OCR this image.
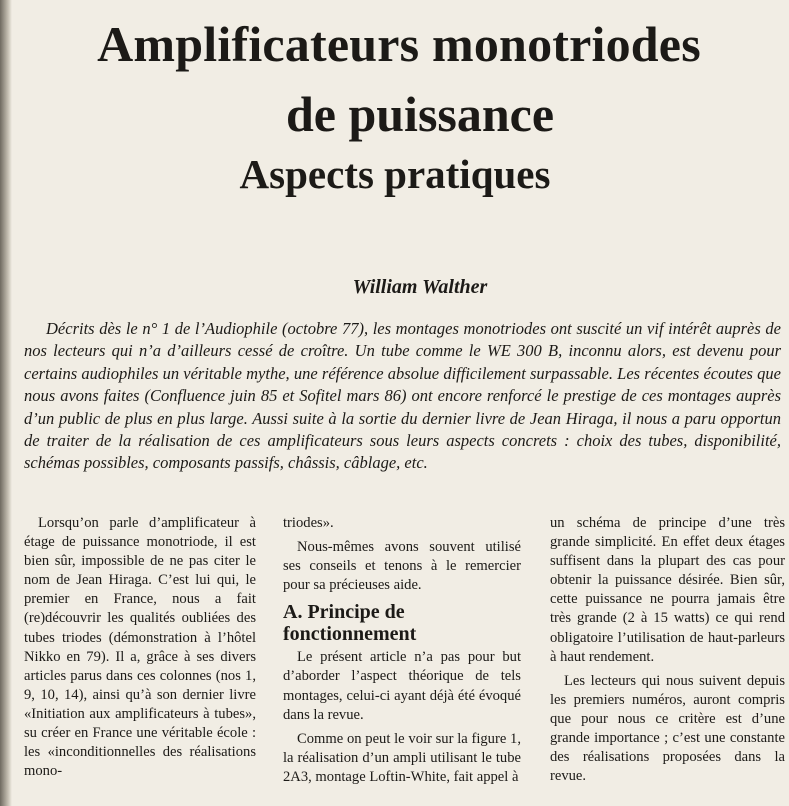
Amplificateurs monotriodes
de puissance
Aspects pratiques
William Walther

Décrits dès le n° 1 de l’Audiophile (octobre 77), les montages monotriodes ont suscité un vif intérêt auprès de nos lecteurs qui n’a d’ailleurs cessé de croître. Un tube comme le WE 300 B, inconnu alors, est devenu pour certains audiophiles un véritable mythe, une référence absolue difficilement surpassable. Les récentes écoutes que nous avons faites (Confluence juin 85 et Sofitel mars 86) ont encore renforcé le prestige de ces montages auprès d’un public de plus en plus large. Aussi suite à la sortie du dernier livre de Jean Hiraga, il nous a paru opportun de traiter de la réalisation de ces amplificateurs sous leurs aspects concrets : choix des tubes, disponibilité, schémas possibles, composants passifs, châssis, câblage, etc.

Lorsqu’on parle d’amplificateur à étage de puissance monotriode, il est bien sûr, impossible de ne pas citer le nom de Jean Hiraga. C’est lui qui, le premier en France, nous a fait (re)découvrir les qualités oubliées des tubes triodes (démonstration à l’hôtel Nikko en 79). Il a, grâce à ses divers articles parus dans ces colonnes (nos 1, 9, 10, 14), ainsi qu’à son dernier livre «Initiation aux amplificateurs à tubes», su créer en France une véritable école : les «inconditionnelles des réalisations mono-

triodes».

Nous-mêmes avons souvent utilisé ses conseils et tenons à le remercier pour sa précieuses aide.

A. Principe de fonctionnement

Le présent article n’a pas pour but d’aborder l’aspect théorique de tels montages, celui-ci ayant déjà été évoqué dans la revue.

Comme on peut le voir sur la figure 1, la réalisation d’un ampli utilisant le tube 2A3, montage Loftin-White, fait appel à

un schéma de principe d’une très grande simplicité. En effet deux étages suffisent dans la plupart des cas pour obtenir la puissance désirée. Bien sûr, cette puissance ne pourra jamais être très grande (2 à 15 watts) ce qui rend obligatoire l’utilisation de haut-parleurs à haut rendement.

Les lecteurs qui nous suivent depuis les premiers numéros, auront compris que pour nous ce critère est d’une grande importance ; c’est une constante des réalisations proposées dans la revue.
